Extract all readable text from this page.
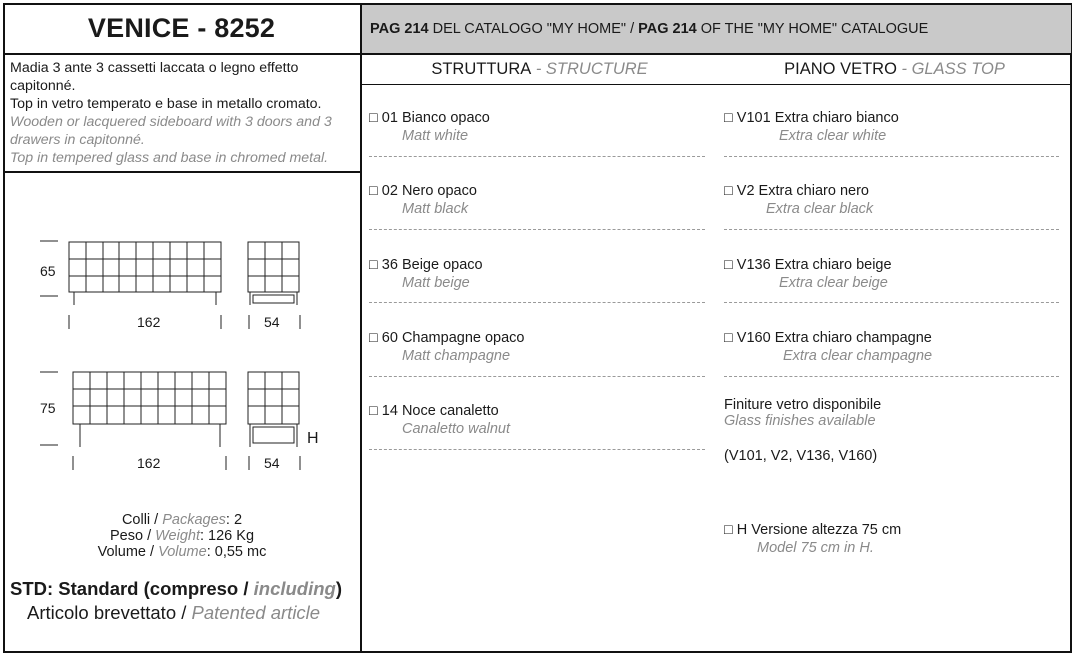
VENICE - 8252	PAG 214 DEL CATALOGO "MY HOME" / PAG 214 OF THE "MY HOME" CATALOGUE
Madia 3 ante 3 cassetti laccata o legno effetto capitonné.
Top in vetro temperato e base in metallo cromato.
Wooden or lacquered sideboard with 3 doors and 3 drawers in capitonné.
Top in tempered glass and base in chromed metal.
65
162	54
75
162	54
H
Colli / Packages: 2
Peso / Weight: 126 Kg
Volume / Volume: 0,55 mc
STD: Standard (compreso / including)
Articolo brevettato / Patented article
STRUTTURA - STRUCTURE	PIANO VETRO - GLASS TOP
□ 01 Bianco opaco
Matt white
□ 02 Nero opaco
Matt black
□ 36 Beige opaco
Matt beige
□ 60 Champagne opaco
Matt champagne
□ 14 Noce canaletto
Canaletto walnut
□ V101 Extra chiaro bianco
Extra clear white
□ V2 Extra chiaro nero
Extra clear black
□ V136 Extra chiaro beige
Extra clear beige
□ V160 Extra chiaro champagne
Extra clear champagne
Finiture vetro disponibile
Glass finishes available
(V101, V2, V136, V160)
□ H Versione altezza 75 cm
Model 75 cm in H.
